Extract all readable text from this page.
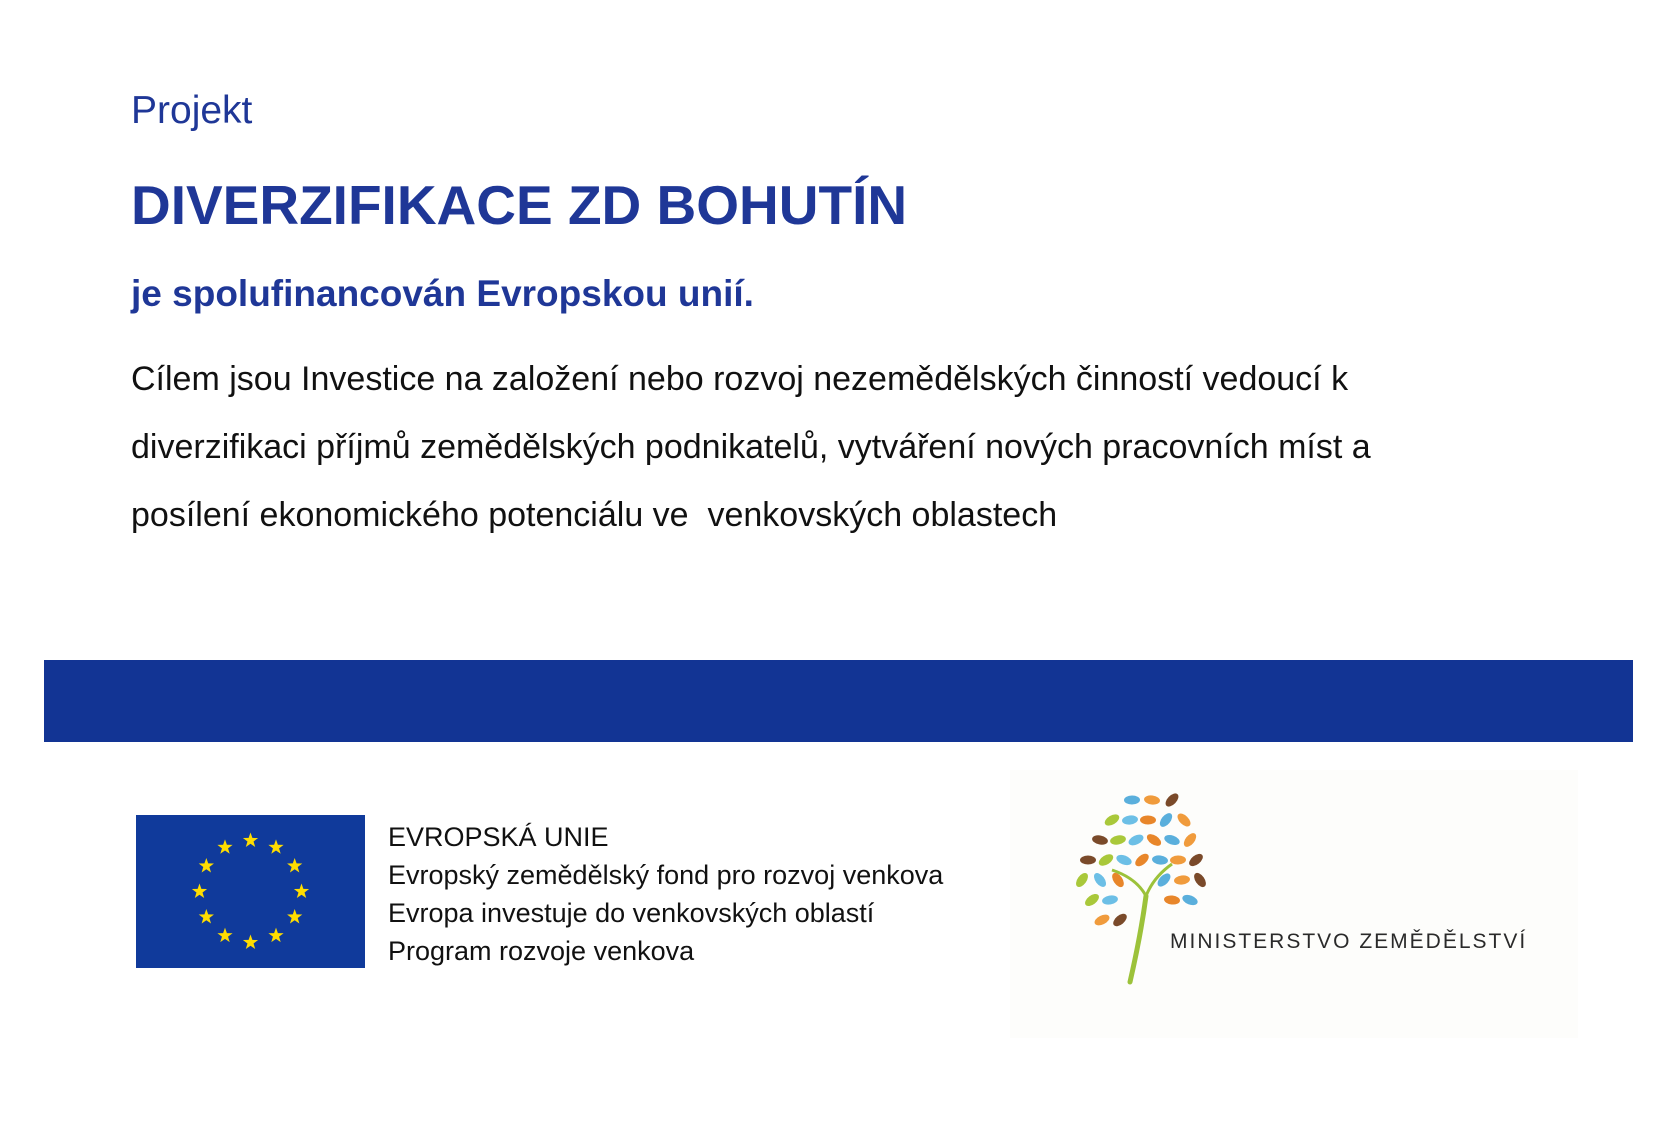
Projekt
DIVERZIFIKACE ZD BOHUTÍN
je spolufinancován Evropskou unií.
Cílem jsou Investice na založení nebo rozvoj nezemědělských činností vedoucí k
diverzifikaci příjmů zemědělských podnikatelů, vytváření nových pracovních míst a
posílení ekonomického potenciálu ve  venkovských oblastech
EVROPSKÁ UNIE
Evropský zemědělský fond pro rozvoj venkova
Evropa investuje do venkovských oblastí
Program rozvoje venkova	MINISTERSTVO ZEMĚDĚLSTVÍ
